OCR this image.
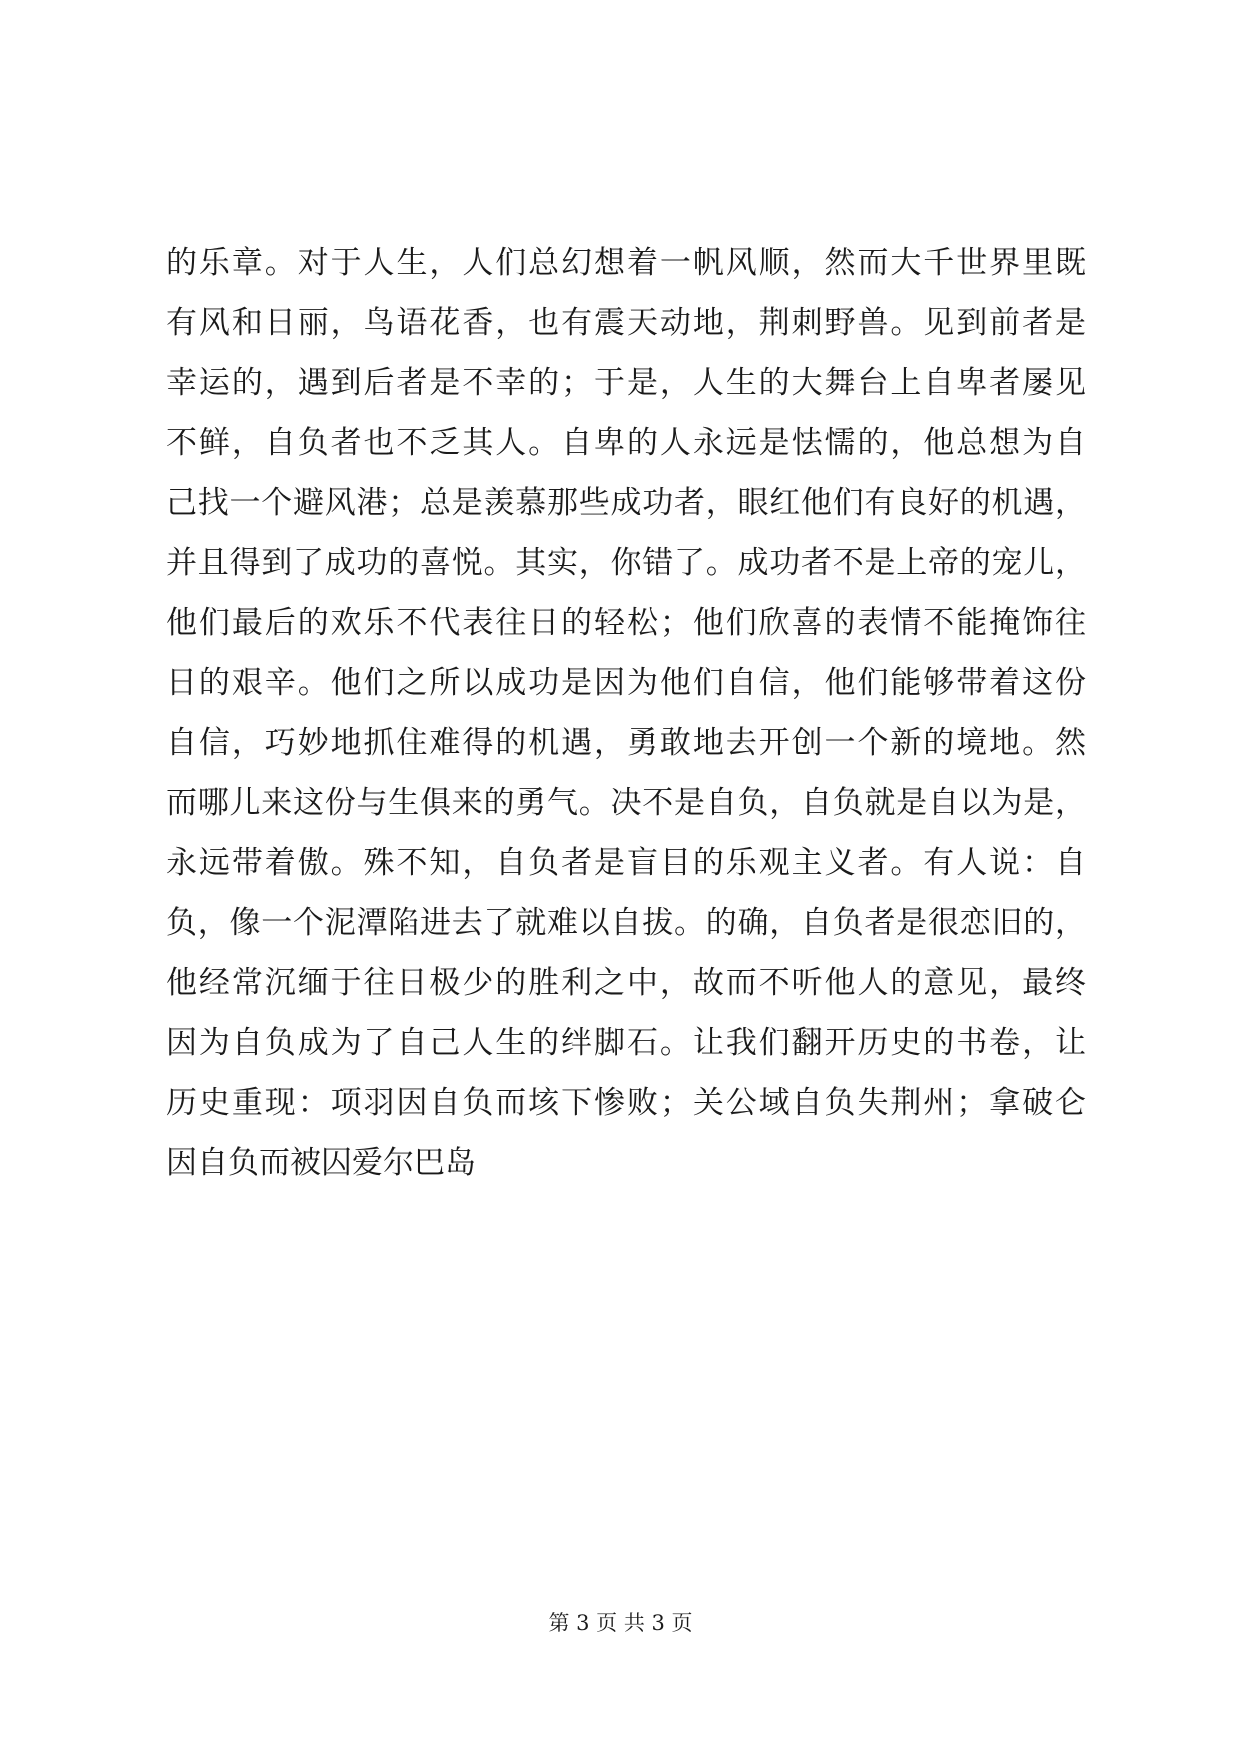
的乐章。对于人生，人们总幻想着一帆风顺，然而大千世界里既
有风和日丽，鸟语花香，也有震天动地，荆刺野兽。见到前者是
幸运的，遇到后者是不幸的；于是，人生的大舞台上自卑者屡见
不鲜，自负者也不乏其人。自卑的人永远是怯懦的，他总想为自
己找一个避风港；总是羡慕那些成功者，眼红他们有良好的机遇，
并且得到了成功的喜悦。其实，你错了。成功者不是上帝的宠儿，
他们最后的欢乐不代表往日的轻松；他们欣喜的表情不能掩饰往
日的艰辛。他们之所以成功是因为他们自信，他们能够带着这份
自信，巧妙地抓住难得的机遇，勇敢地去开创一个新的境地。然
而哪儿来这份与生俱来的勇气。决不是自负，自负就是自以为是，
永远带着傲。殊不知，自负者是盲目的乐观主义者。有人说：自
负，像一个泥潭陷进去了就难以自拔。的确，自负者是很恋旧的，
他经常沉缅于往日极少的胜利之中，故而不听他人的意见，最终
因为自负成为了自己人生的绊脚石。让我们翻开历史的书卷，让
历史重现：项羽因自负而垓下惨败；关公域自负失荆州；拿破仑
因自负而被囚爱尔巴岛
第 3 页 共 3 页
